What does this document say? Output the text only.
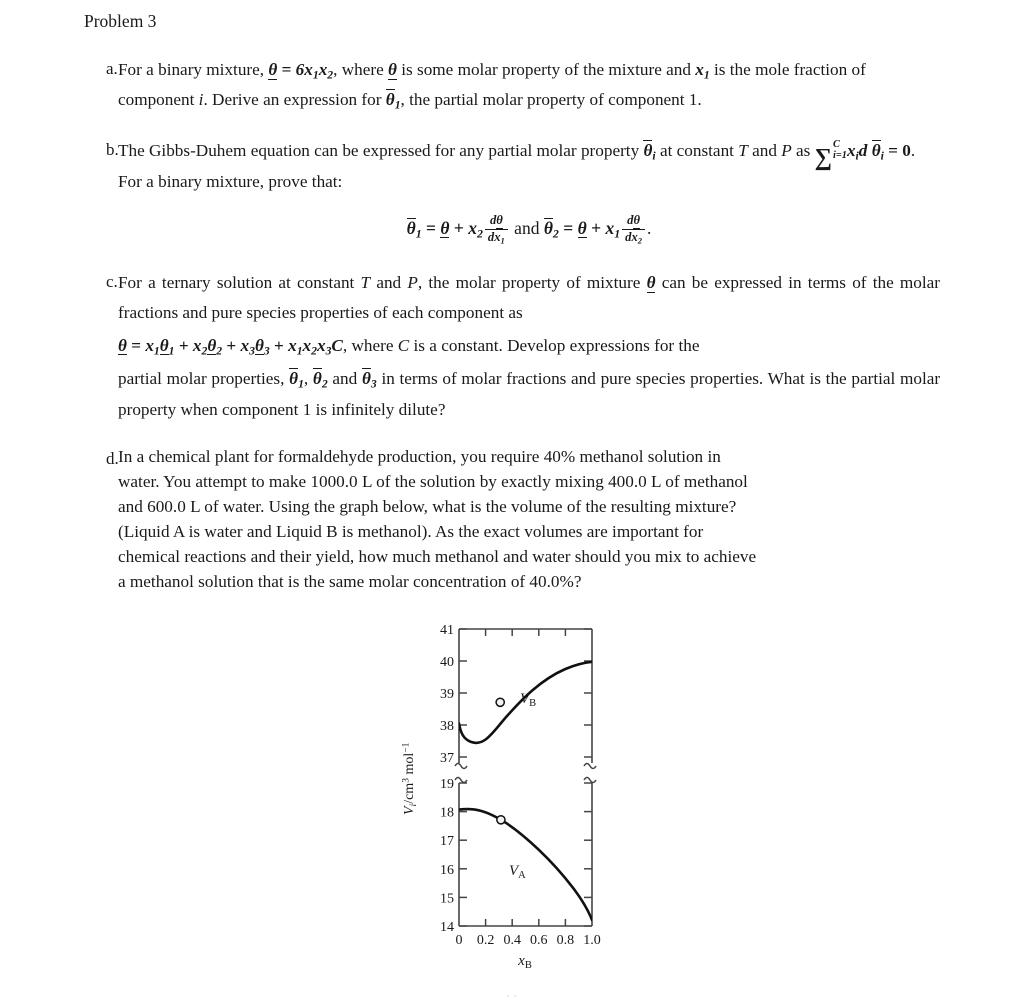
Problem 3
a. For a binary mixture, $\theta = 6x_1x_2$, where θ is some molar property of the mixture and $x_1$ is the mole fraction of component i. Derive an expression for $\theta_1$, the partial molar property of component 1.

b. The Gibbs-Duhem equation can be expressed for any partial molar property $\theta_i$ at constant T and P as ∑ C
i=1 $x_id$ $\theta_i = 0$. For a binary mixture, prove that:

$\theta_1 = \theta + x_2 \frac{d\theta}{dx_1}$ and $\theta_2 = \theta + x_1 \frac{d\theta}{dx_2}$ .
c. For a ternary solution at constant T and P, the molar property of mixture θ can be expressed in terms of the molar fractions and pure species properties of each component as

$\theta = x_1\theta_1 + x_2\theta_2 + x_3\theta_3 + x_1x_2x_3C$, where C is a constant. Develop expressions for the

partial molar properties, $\theta_1$, $\theta_2$ and $\theta_3$ in terms of molar fractions and pure species properties. What is the partial molar property when component 1 is infinitely dilute?

d. In a chemical plant for formaldehyde production, you require 40% methanol solution in

water. You attempt to make 1000.0 L of the solution by exactly mixing 400.0 L of methanol

and 600.0 L of water. Using the graph below, what is the volume of the resulting mixture?

(Liquid A is water and Liquid B is methanol). As the exact volumes are important for

chemical reactions and their yield, how much methanol and water should you mix to achieve

a methanol solution that is the same molar concentration of 40.0%?

$V_i/cm^3$ mol$^{-1}$
41
40
39
38
37
$V_B$
19
18
17
16
15
14
$V_A$
0 0.2 0.4 0.6 0.8 1.0
$x_B$
. .
